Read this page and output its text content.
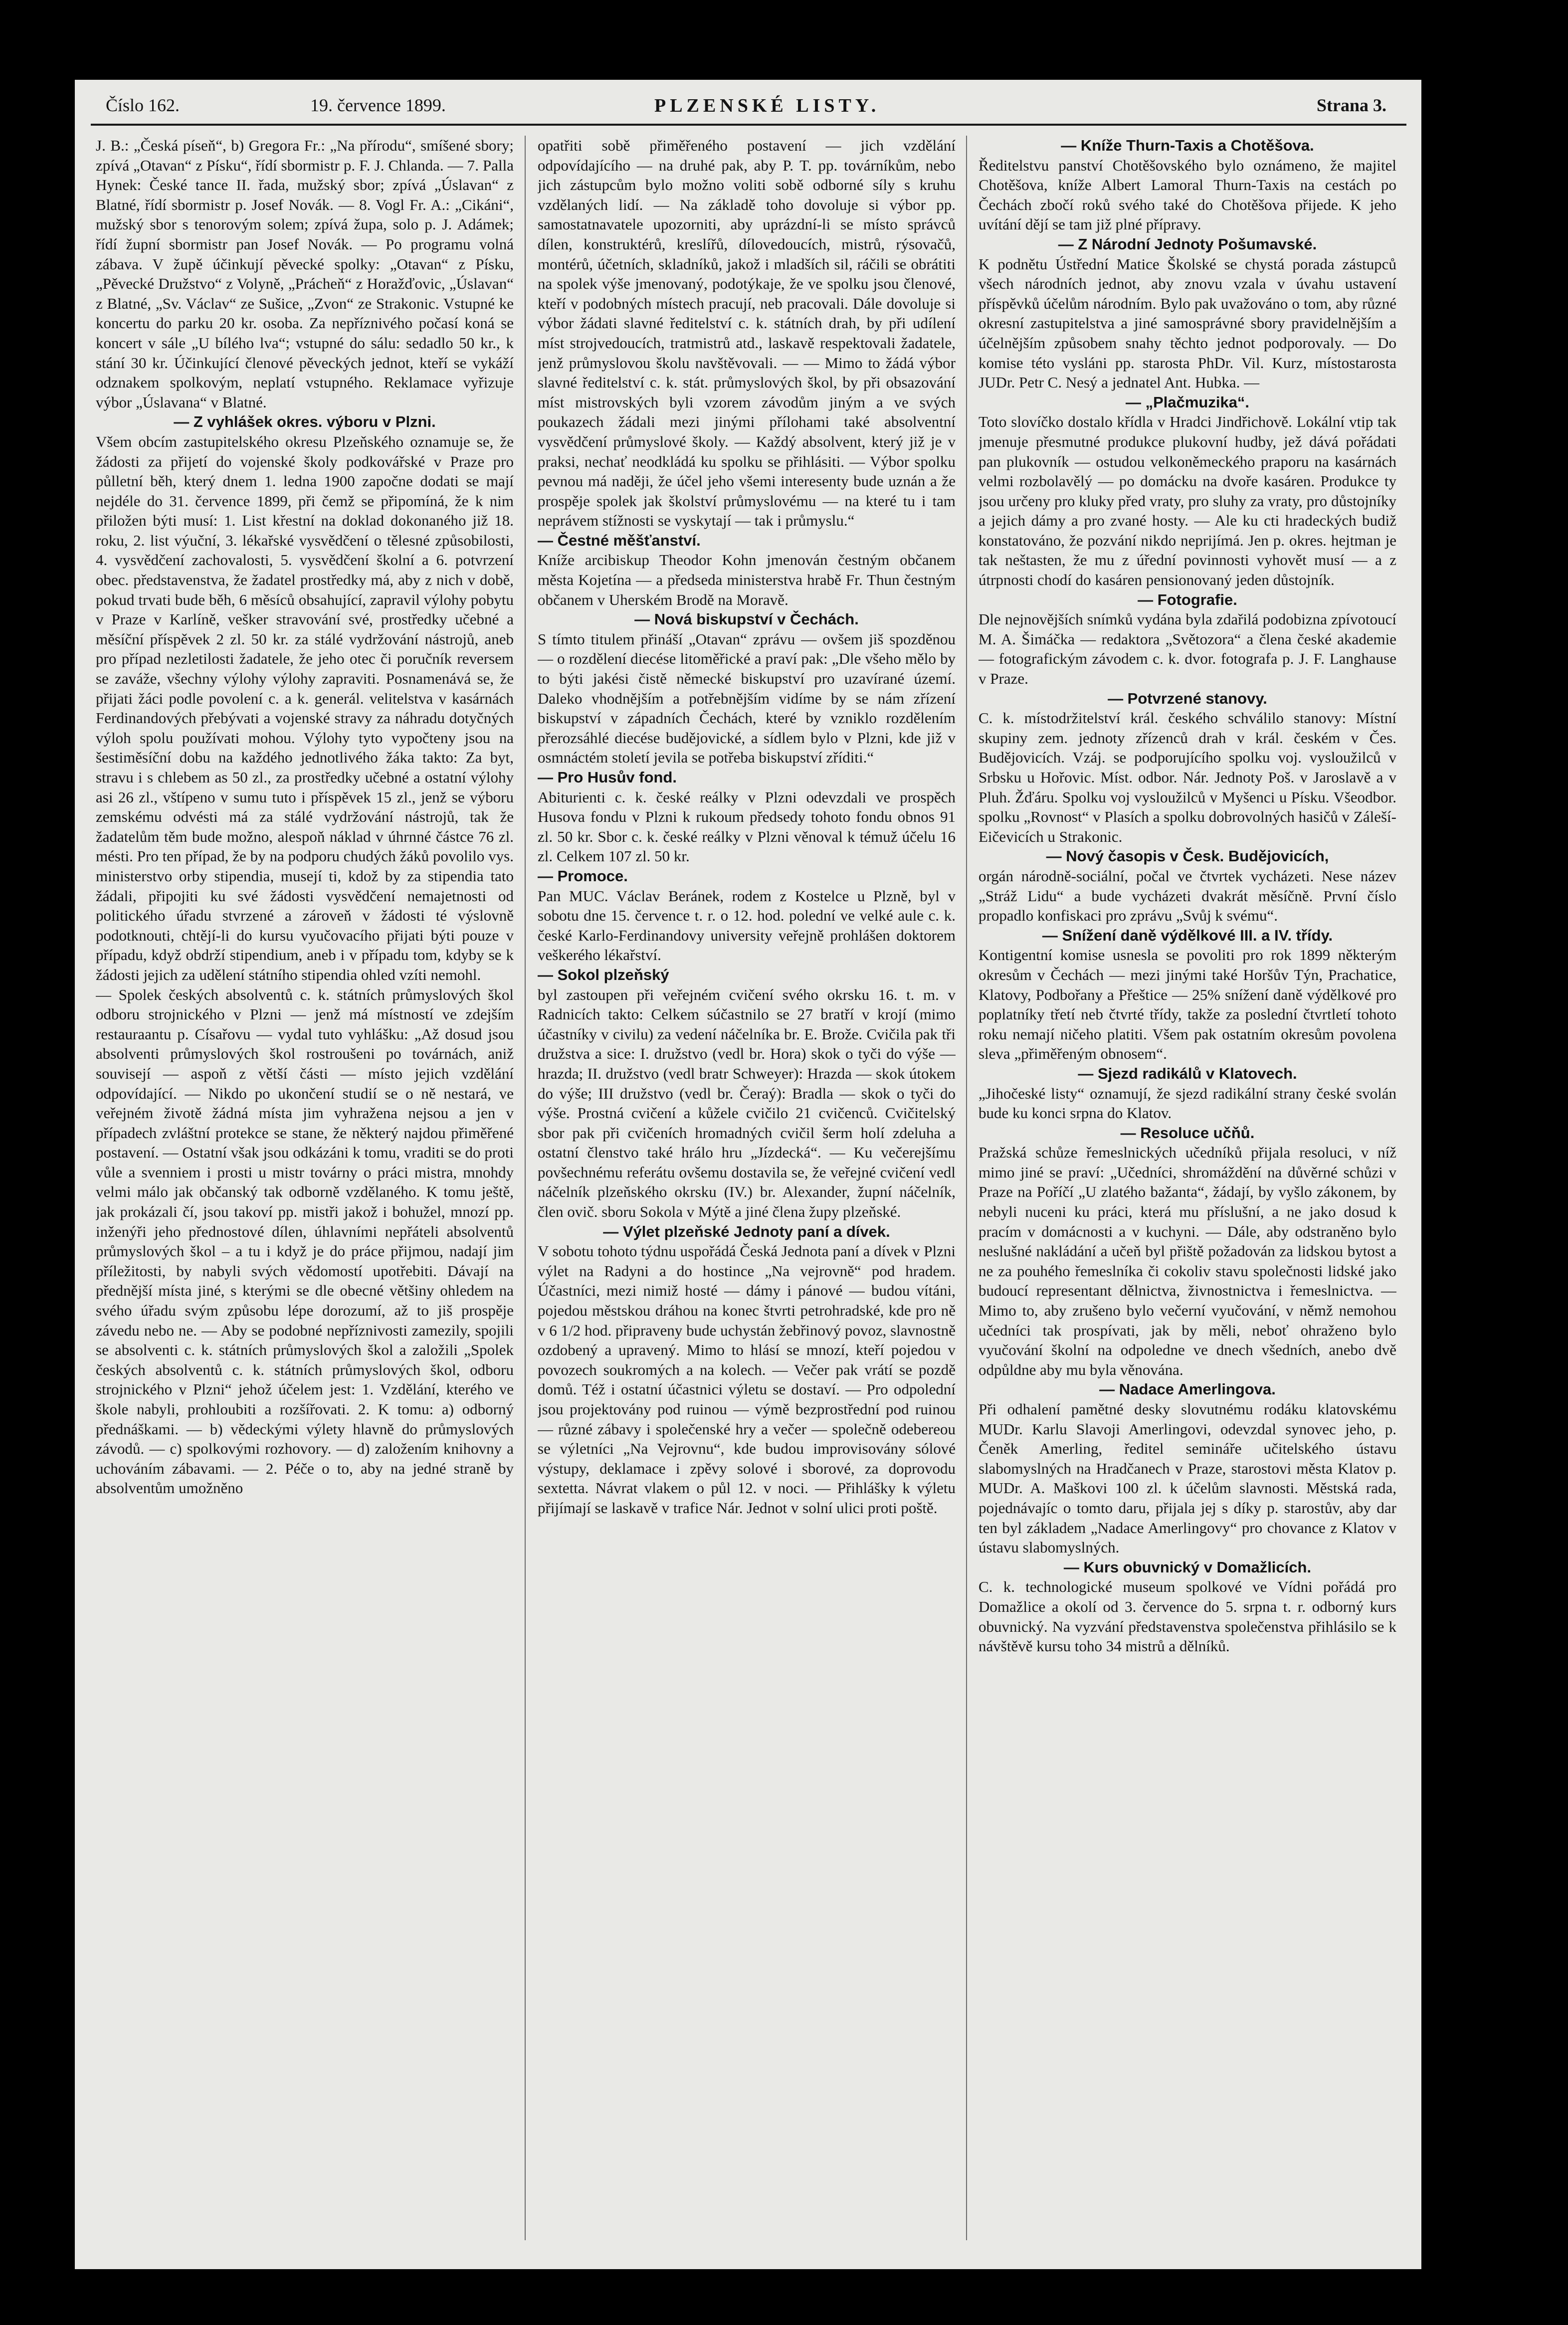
Číslo 162.	19. července 1899.	PLZENSKÉ LISTY.	Strana 3.

J. B.: „Česká píseň“, b) Gregora Fr.: „Na přírodu“, smíšené sbory; zpívá „Otavan“ z Písku“, řídí sbormistr p. F. J. Chlanda. — 7. Palla Hynek: České tance II. řada, mužský sbor; zpívá „Úslavan“ z Blatné, řídí sbormistr p. Josef Novák. — 8. Vogl Fr. A.: „Cikáni“, mužský sbor s tenorovým solem; zpívá župa, solo p. J. Adámek; řídí župní sbormistr pan Josef Novák. — Po programu volná zábava. V župě účinkují pěvecké spolky: „Otavan“ z Písku, „Pěvecké Družstvo“ z Volyně, „Prácheň“ z Horažďovic, „Úslavan“ z Blatné, „Sv. Václav“ ze Sušice, „Zvon“ ze Strakonic. Vstupné ke koncertu do parku 20 kr. osoba. Za nepříznivého počasí koná se koncert v sále „U bílého lva“; vstupné do sálu: sedadlo 50 kr., k stání 30 kr. Účinkující členové pěveckých jednot, kteří se vykáží odznakem spolkovým, neplatí vstupného. Reklamace vyřizuje výbor „Úslavana“ v Blatné.

— Z vyhlášek okres. výboru v Plzni.

Všem obcím zastupitelského okresu Plzeňského oznamuje se, že žádosti za přijetí do vojenské školy podkovářské v Praze pro půlletní běh, který dnem 1. ledna 1900 započne dodati se mají nejdéle do 31. července 1899, při čemž se připomíná, že k nim přiložen býti musí: 1. List křestní na doklad dokonaného již 18. roku, 2. list výuční, 3. lékařské vysvědčení o tělesné způsobilosti, 4. vysvědčení zachovalosti, 5. vysvědčení školní a 6. potvrzení obec. představenstva, že žadatel prostředky má, aby z nich v době, pokud trvati bude běh, 6 měsíců obsahující, zapravil výlohy pobytu v Praze v Karlíně, vešker stravování své, prostředky učebné a měsíční příspěvek 2 zl. 50 kr. za stálé vydržování nástrojů, aneb pro případ nezletilosti žadatele, že jeho otec či poručník reversem se zaváže, všechny výlohy výlohy zapraviti. Posnamenává se, že přijati žáci podle povolení c. a k. generál. velitelstva v kasárnách Ferdinandových přebývati a vojenské stravy za náhradu dotyčných výloh spolu používati mohou. Výlohy tyto vypočteny jsou na šestiměsíční dobu na každého jednotlivého žáka takto: Za byt, stravu i s chlebem as 50 zl., za prostředky učebné a ostatní výlohy asi 26 zl., vštípeno v sumu tuto i příspěvek 15 zl., jenž se výboru zemskému odvésti má za stálé vydržování nástrojů, tak že žadatelům těm bude možno, alespoň náklad v úhrnné částce 76 zl. mésti. Pro ten případ, že by na podporu chudých žáků povolilo vys. ministerstvo orby stipendia, musejí ti, kdož by za stipendia tato žádali, připojiti ku své žádosti vysvědčení nemajetnosti od politického úřadu stvrzené a zároveň v žádosti té výslovně podotknouti, chtějí-li do kursu vyučovacího přijati býti pouze v případu, když obdrží stipendium, aneb i v případu tom, kdyby se k žádosti jejich za udělení státního stipendia ohled vzíti nemohl.

— Spolek českých absolventů c. k. státních průmyslových škol odboru strojnického v Plzni — jenž má místností ve zdejším restauraantu p. Císařovu — vydal tuto vyhlášku: „Až dosud jsou absolventi průmyslových škol rostroušeni po továrnách, aniž souvisejí — aspoň z větší části — místo jejich vzdělání odpovídající. — Nikdo po ukončení studií se o ně nestará, ve veřejném životě žádná místa jim vyhražena nejsou a jen v případech zvláštní protekce se stane, že některý najdou přiměřené postavení. — Ostatní však jsou odkázáni k tomu, vraditi se do proti vůle a svenniem i prosti u mistr továrny o práci mistra, mnohdy velmi málo jak občanský tak odborně vzdělaného. K tomu ještě, jak prokázali čí, jsou takoví pp. mistři jakož i bohužel, mnozí pp. inženýři jeho přednostové dílen, úhlavními nepřáteli absolventů průmyslových škol – a tu i když je do práce přijmou, nadají jim příležitosti, by nabyli svých vědomostí upotřebiti. Dávají na přednější místa jiné, s kterými se dle obecné většiny ohledem na svého úřadu svým způsobu lépe dorozumí, až to jiš prospěje závedu nebo ne. — Aby se podobné nepříznivosti zamezily, spojili se absolventi c. k. státních průmyslových škol a založili „Spolek českých absolventů c. k. státních průmyslových škol, odboru strojnického v Plzni“ jehož účelem jest: 1. Vzdělání, kterého ve škole nabyli, prohloubiti a rozšířovati. 2. K tomu: a) odborný přednáškami. — b) vědeckými výlety hlavně do průmyslových závodů. — c) spolkovými rozhovory. — d) založením knihovny a uchováním zábavami. — 2. Péče o to, aby na jedné straně by absolventům umožněno

opatřiti sobě přiměřeného postavení — jich vzdělání odpovídajícího — na druhé pak, aby P. T. pp. továrníkům, nebo jich zástupcům bylo možno voliti sobě odborné síly s kruhu vzdělaných lidí. — Na základě toho dovoluje si výbor pp. samostatnavatele upozorniti, aby uprázdní-li se místo správců dílen, konstruktérů, kreslířů, dílovedoucích, mistrů, rýsovačů, montérů, účetních, skladníků, jakož i mladších sil, ráčili se obrátiti na spolek výše jmenovaný, podotýkaje, že ve spolku jsou členové, kteří v podobných místech pracují, neb pracovali. Dále dovoluje si výbor žádati slavné ředitelství c. k. státních drah, by při udílení míst strojvedoucích, tratmistrů atd., laskavě respektovali žadatele, jenž průmyslovou školu navštěvovali. — — Mimo to žádá výbor slavné ředitelství c. k. stát. průmyslových škol, by při obsazování míst mistrovských byli vzorem závodům jiným a ve svých poukazech žádali mezi jinými přílohami také absolventní vysvědčení průmyslové školy. — Každý absolvent, který již je v praksi, nechať neodkládá ku spolku se přihlásiti. — Výbor spolku pevnou má naději, že účel jeho všemi interesenty bude uznán a že prospěje spolek jak školství průmyslovému — na které tu i tam neprávem stížnosti se vyskytají — tak i průmyslu.“

— Čestné měšťanství.

Kníže arcibiskup Theodor Kohn jmenován čestným občanem města Kojetína — a předseda ministerstva hrabě Fr. Thun čestným občanem v Uherském Brodě na Moravě.

— Nová biskupství v Čechách.

S tímto titulem přináší „Otavan“ zprávu — ovšem jiš spozděnou — o rozdělení diecése litoměřické a praví pak: „Dle všeho mělo by to býti jakési čistě německé biskupství pro uzavírané území. Daleko vhodnějším a potřebnějším vidíme by se nám zřízení biskupství v západních Čechách, které by vzniklo rozdělením přerozsáhlé diecése budějovické, a sídlem bylo v Plzni, kde již v osmnáctém století jevila se potřeba biskupství zříditi.“

— Pro Husův fond.

Abiturienti c. k. české reálky v Plzni odevzdali ve prospěch Husova fondu v Plzni k rukoum předsedy tohoto fondu obnos 91 zl. 50 kr. Sbor c. k. české reálky v Plzni věnoval k témuž účelu 16 zl. Celkem 107 zl. 50 kr.

— Promoce.

Pan MUC. Václav Beránek, rodem z Kostelce u Plzně, byl v sobotu dne 15. července t. r. o 12. hod. polední ve velké aule c. k. české Karlo-Ferdinandovy university veřejně prohlášen doktorem veškerého lékařství.

— Sokol plzeňský

byl zastoupen při veřejném cvičení svého okrsku 16. t. m. v Radnicích takto: Celkem súčastnilo se 27 bratří v krojí (mimo účastníky v civilu) za vedení náčelníka br. E. Brože. Cvičila pak tři družstva a sice: I. družstvo (vedl br. Hora) skok o tyči do výše — hrazda; II. družstvo (vedl bratr Schweyer): Hrazda — skok útokem do výše; III družstvo (vedl br. Čeraý): Bradla — skok o tyči do výše. Prostná cvičení a kůžele cvičilo 21 cvičenců. Cvičitelský sbor pak při cvičeních hromadných cvičil šerm holí zdeluha a ostatní členstvo také hrálo hru „Jízdecká“. — Ku večerejšímu povšechnému referátu ovšemu dostavila se, že veřejné cvičení vedl náčelník plzeňského okrsku (IV.) br. Alexander, župní náčelník, člen ovič. sboru Sokola v Mýtě a jiné člena župy plzeňské.

— Výlet plzeňské Jednoty paní a dívek.

V sobotu tohoto týdnu uspořádá Česká Jednota paní a dívek v Plzni výlet na Radyni a do hostince „Na vejrovně“ pod hradem. Účastníci, mezi nimiž hosté — dámy i pánové — budou vítáni, pojedou městskou dráhou na konec štvrti petrohradské, kde pro ně v 6 1/2 hod. připraveny bude uchystán žebřinový povoz, slavnostně ozdobený a upravený. Mimo to hlásí se mnozí, kteří pojedou v povozech soukromých a na kolech. — Večer pak vrátí se pozdě domů. Též i ostatní účastnici výletu se dostaví. — Pro odpolední jsou projektovány pod ruinou — výmě bezprostřední pod ruinou — různé zábavy i společenské hry a večer — společně odebereou se výletníci „Na Vejrovnu“, kde budou improvisovány sólové výstupy, deklamace i zpěvy solové i sborové, za doprovodu sextetta. Návrat vlakem o půl 12. v noci. — Přihlášky k výletu přijímají se laskavě v trafice Nár. Jednot v solní ulici proti poště.

— Kníže Thurn-Taxis a Chotěšova.

Ředitelstvu panství Chotěšovského bylo oznámeno, že majitel Chotěšova, kníže Albert Lamoral Thurn-Taxis na cestách po Čechách zbočí roků svého také do Chotěšova přijede. K jeho uvítání dějí se tam již plné přípravy.

— Z Národní Jednoty Pošumavské.

K podnětu Ústřední Matice Školské se chystá porada zástupců všech národních jednot, aby znovu vzala v úvahu ustavení příspěvků účelům národním. Bylo pak uvažováno o tom, aby různé okresní zastupitelstva a jiné samosprávné sbory pravidelnějším a účelnějším způsobem snahy těchto jednot podporovaly. — Do komise této vysláni pp. starosta PhDr. Vil. Kurz, místostarosta JUDr. Petr C. Nesý a jednatel Ant. Hubka. —

— „Plačmuzika“.

Toto slovíčko dostalo křídla v Hradci Jindřichově. Lokální vtip tak jmenuje přesmutné produkce plukovní hudby, jež dává pořádati pan plukovník — ostudou velkoněmeckého praporu na kasárnách velmi rozbolavělý — po domácku na dvoře kasáren. Produkce ty jsou určeny pro kluky před vraty, pro sluhy za vraty, pro důstojníky a jejich dámy a pro zvané hosty. — Ale ku cti hradeckých budiž konstatováno, že pozvání nikdo neprijímá. Jen p. okres. hejtman je tak neštasten, že mu z úřední povinnosti vyhovět musí — a z útrpnosti chodí do kasáren pensionovaný jeden důstojník.

— Fotografie.

Dle nejnovějších snímků vydána byla zdařilá podobizna zpívotoucí M. A. Šimáčka — redaktora „Světozora“ a člena české akademie — fotografickým závodem c. k. dvor. fotografa p. J. F. Langhause v Praze.

— Potvrzené stanovy.

C. k. místodržitelství král. českého schválilo stanovy: Místní skupiny zem. jednoty zřízenců drah v král. českém v Čes. Budějovicích. Vzáj. se podporujícího spolku voj. vysloužilců v Srbsku u Hořovic. Míst. odbor. Nár. Jednoty Poš. v Jaroslavě a v Pluh. Žďáru. Spolku voj vysloužilců v Myšenci u Písku. Všeodbor. spolku „Rovnost“ v Plasích a spolku dobrovolných hasičů v Záleší-Eičevicích u Strakonic.

— Nový časopis v Česk. Budějovicích,

orgán národně-sociální, počal ve čtvrtek vycházeti. Nese název „Stráž Lidu“ a bude vycházeti dvakrát měsíčně. První číslo propadlo konfiskaci pro zprávu „Svůj k svému“.

— Snížení daně výdělkové III. a IV. třídy.

Kontigentní komise usnesla se povoliti pro rok 1899 některým okresům v Čechách — mezi jinými také Horšův Týn, Prachatice, Klatovy, Podbořany a Přeštice — 25% snížení daně výdělkové pro poplatníky třetí neb čtvrté třídy, takže za poslední čtvrtletí tohoto roku nemají ničeho platiti. Všem pak ostatním okresům povolena sleva „přiměřeným obnosem“.

— Sjezd radikálů v Klatovech.

„Jihočeské listy“ oznamují, že sjezd radikální strany české svolán bude ku konci srpna do Klatov.

— Resoluce učňů.

Pražská schůze řemeslnických učedníků přijala resoluci, v níž mimo jiné se praví: „Učedníci, shromáždění na důvěrné schůzi v Praze na Poříčí „U zlatého bažanta“, žádají, by vyšlo zákonem, by nebyli nuceni ku práci, která mu příslušní, a ne jako dosud k pracím v domácnosti a v kuchyni. — Dále, aby odstraněno bylo neslušné nakládání a učeň byl přiště požadován za lidskou bytost a ne za pouhého řemeslníka či cokoliv stavu společnosti lidské jako budoucí representant dělnictva, živnostnictva i řemeslnictva. — Mimo to, aby zrušeno bylo večerní vyučování, v němž nemohou učedníci tak prospívati, jak by měli, neboť ohraženo bylo vyučování školní na odpoledne ve dnech všedních, anebo dvě odpůldne aby mu byla věnována.

— Nadace Amerlingova.

Při odhalení pamětné desky slovutnému rodáku klatovskému MUDr. Karlu Slavoji Amerlingovi, odevzdal synovec jeho, p. Čeněk Amerling, ředitel semináře učitelského ústavu slabomyslných na Hradčanech v Praze, starostovi města Klatov p. MUDr. A. Maškovi 100 zl. k účelům slavnosti. Městská rada, pojednávajíc o tomto daru, přijala jej s díky p. starostův, aby dar ten byl základem „Nadace Amerlingovy“ pro chovance z Klatov v ústavu slabomyslných.

— Kurs obuvnický v Domažlicích.

C. k. technologické museum spolkové ve Vídni pořádá pro Domažlice a okolí od 3. července do 5. srpna t. r. odborný kurs obuvnický. Na vyzvání představenstva společenstva přihlásilo se k návštěvě kursu toho 34 mistrů a dělníků.
